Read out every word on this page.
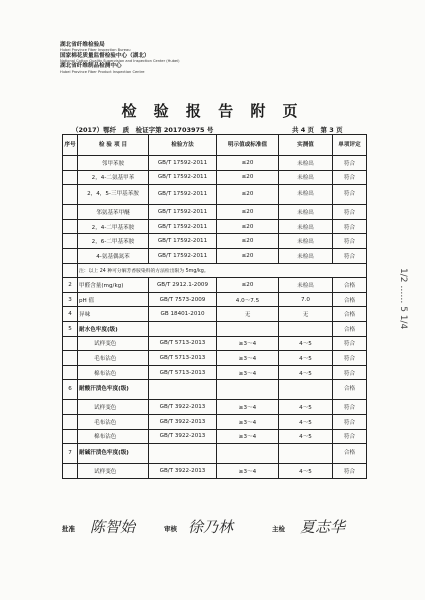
湖北省纤维检验局
Hubei Province Fiber Inspection Bureau
国家棉花质量监督检验中心（湖北）
National Cotton Quality Supervision and Inspection Center (Hubei)
湖北省纤维制品检测中心
Hubei Province Fiber Product Inspection Centre
检 验 报 告 附 页
（2017）鄂纤　质　检证字第 201703975 号	共 4 页　第 3 页
序号	检 验 项 目	检验方法	明示值或标准值	实测值	单项评定
	邻甲苯胺	GB/T 17592-2011	≤20	未检出	符合
	2，4-二氨基甲苯	GB/T 17592-2011	≤20	未检出	符合
	2，4，5-三甲基苯胺	GB/T 17592-2011	≤20	未检出	符合
	邻氨基苯甲醚	GB/T 17592-2011	≤20	未检出	符合
	2，4-二甲基苯胺	GB/T 17592-2011	≤20	未检出	符合
	2，6-二甲基苯胺	GB/T 17592-2011	≤20	未检出	符合
	4-氨基偶氮苯	GB/T 17592-2011	≤20	未检出	符合
	注：以上 24 种可分解芳香胺染料的方法检出限为 5mg/kg。				
2	甲醛含量(mg/kg)	GB/T 2912.1-2009	≤20	未检出	合格
3	pH 值	GB/T 7573-2009	4.0～7.5	7.0	合格
4	异味	GB 18401-2010	无	无	合格
5	耐水色牢度(级)				合格
	试样变色	GB/T 5713-2013	≥3～4	4～5	符合
	毛布沾色	GB/T 5713-2013	≥3～4	4～5	符合
	棉布沾色	GB/T 5713-2013	≥3～4	4～5	符合
6	耐酸汗渍色牢度(级)				合格
	试样变色	GB/T 3922-2013	≥3～4	4～5	符合
	毛布沾色	GB/T 3922-2013	≥3～4	4～5	符合
	棉布沾色	GB/T 3922-2013	≥3～4	4～5	符合
7	耐碱汗渍色牢度(级)				合格
	试样变色	GB/T 3922-2013	≥3～4	4～5	符合
批准 陈智始	审核 徐乃林	主检 夏志华
1/2 …… 5 1/4
